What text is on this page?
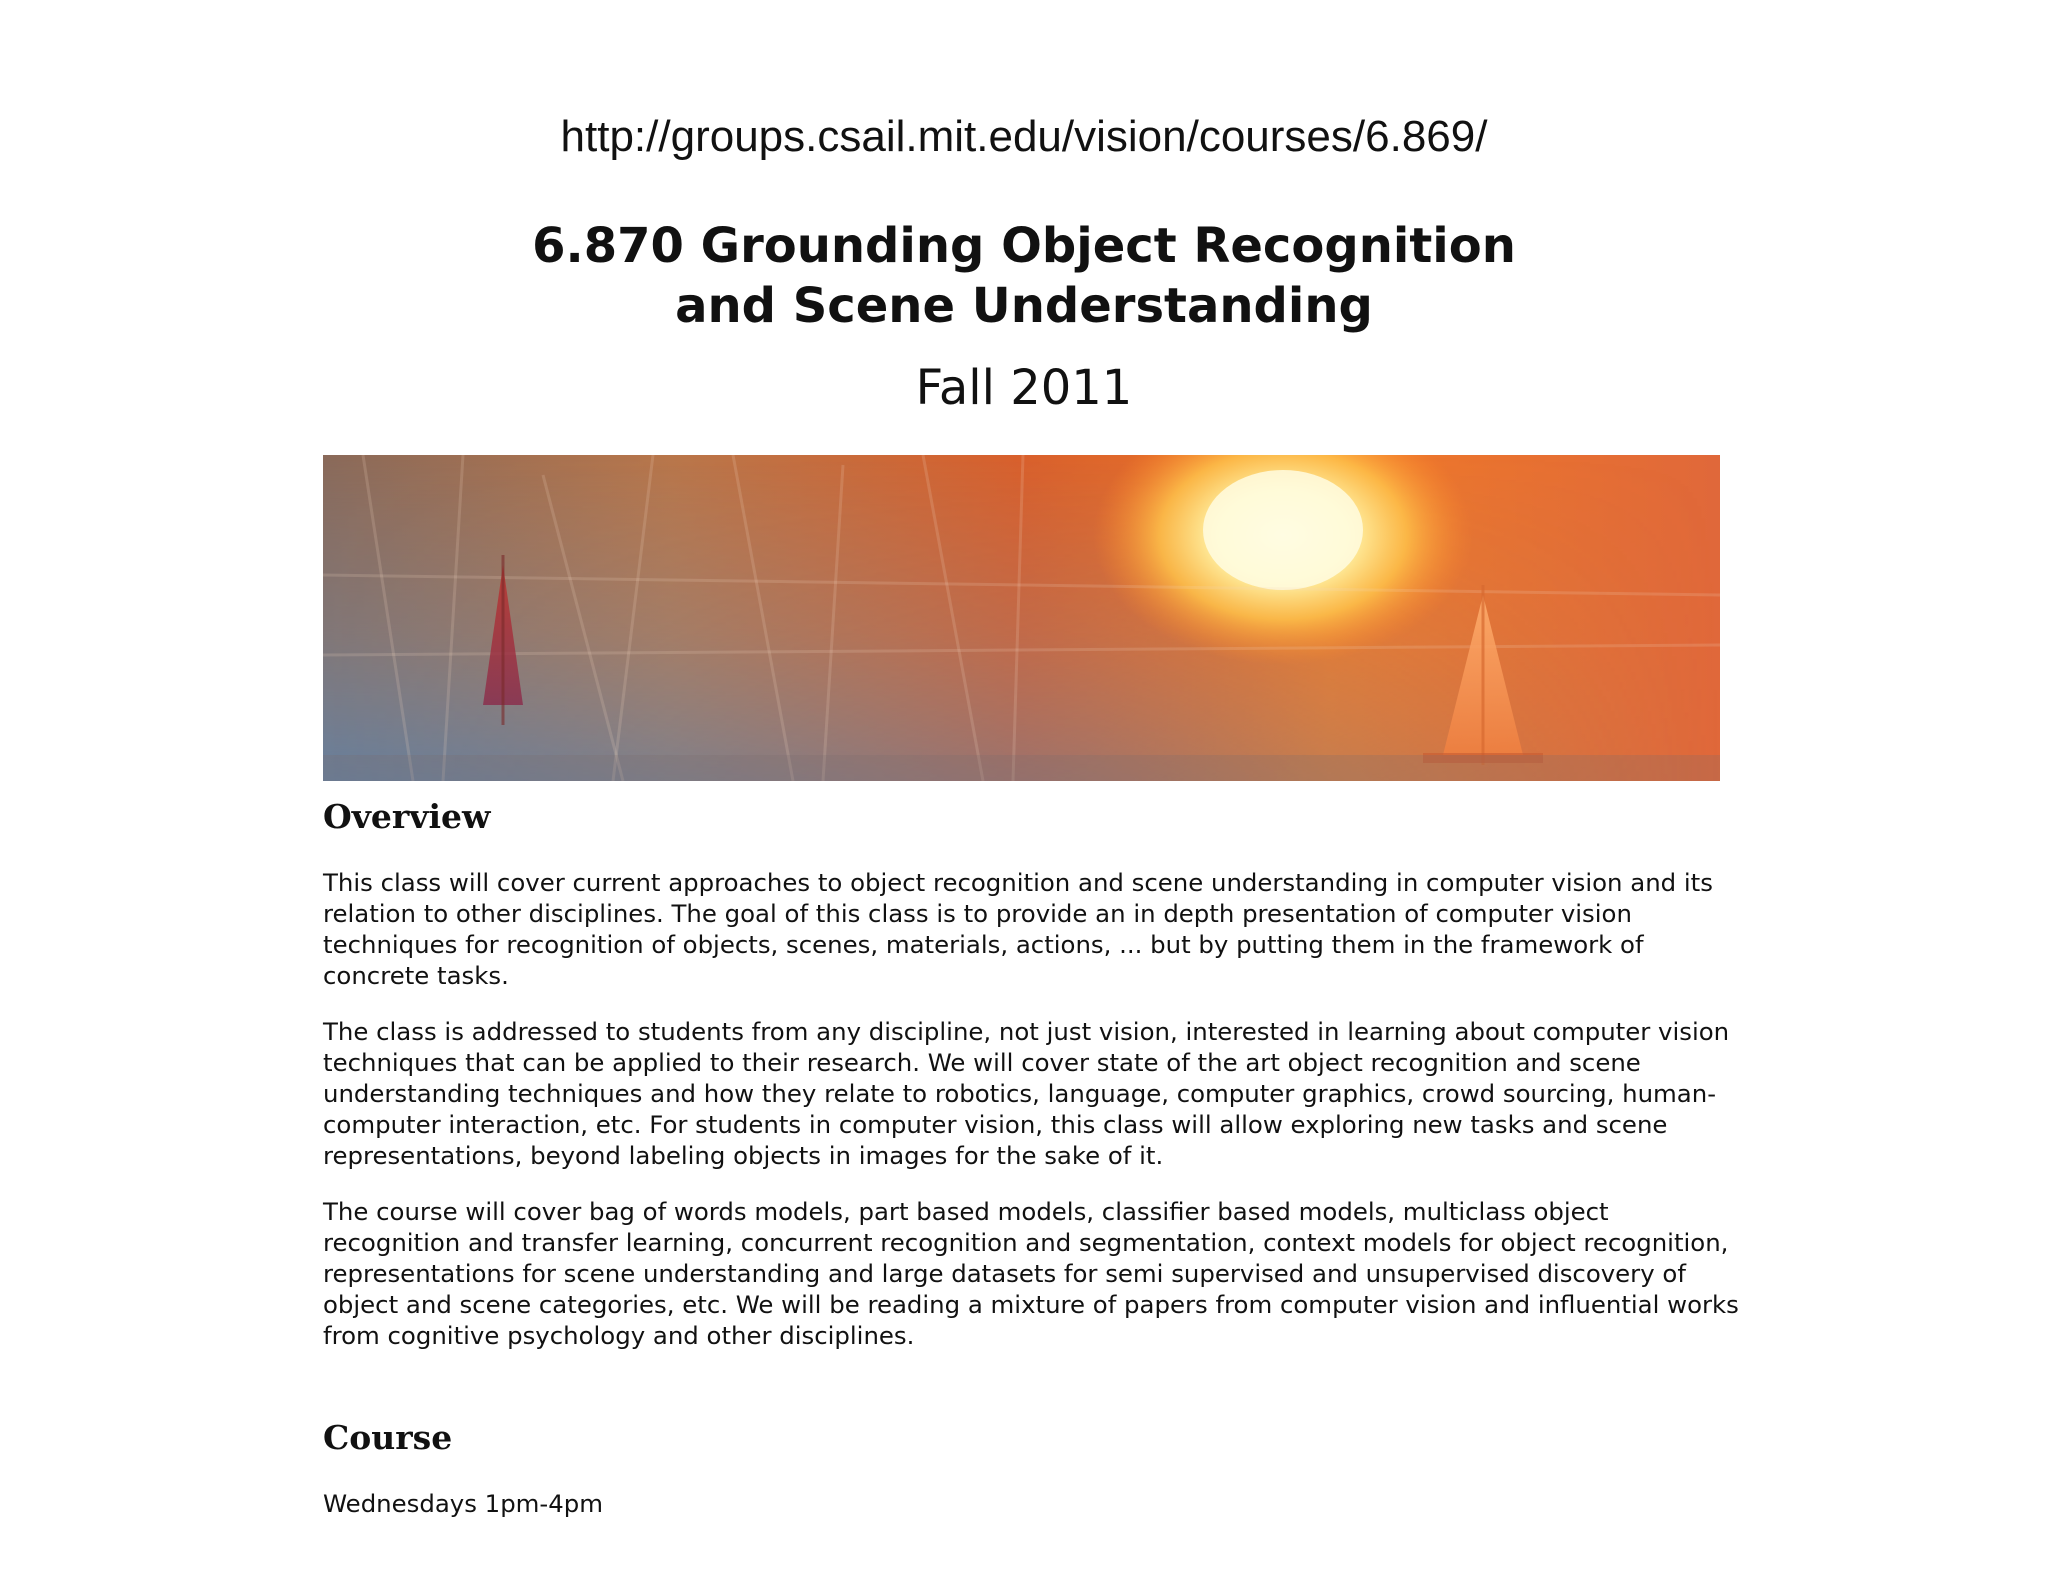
http://groups.csail.mit.edu/vision/courses/6.869/
6.870 Grounding Object Recognition
and Scene Understanding
Fall 2011
Overview
This class will cover current approaches to object recognition and scene understanding in computer vision and its
relation to other disciplines. The goal of this class is to provide an in depth presentation of computer vision
techniques for recognition of objects, scenes, materials, actions, ... but by putting them in the framework of
concrete tasks.
The class is addressed to students from any discipline, not just vision, interested in learning about computer vision
techniques that can be applied to their research. We will cover state of the art object recognition and scene
understanding techniques and how they relate to robotics, language, computer graphics, crowd sourcing, human-
computer interaction, etc. For students in computer vision, this class will allow exploring new tasks and scene
representations, beyond labeling objects in images for the sake of it.
The course will cover bag of words models, part based models, classifier based models, multiclass object
recognition and transfer learning, concurrent recognition and segmentation, context models for object recognition,
representations for scene understanding and large datasets for semi supervised and unsupervised discovery of
object and scene categories, etc. We will be reading a mixture of papers from computer vision and influential works
from cognitive psychology and other disciplines.
Course
Wednesdays 1pm-4pm
